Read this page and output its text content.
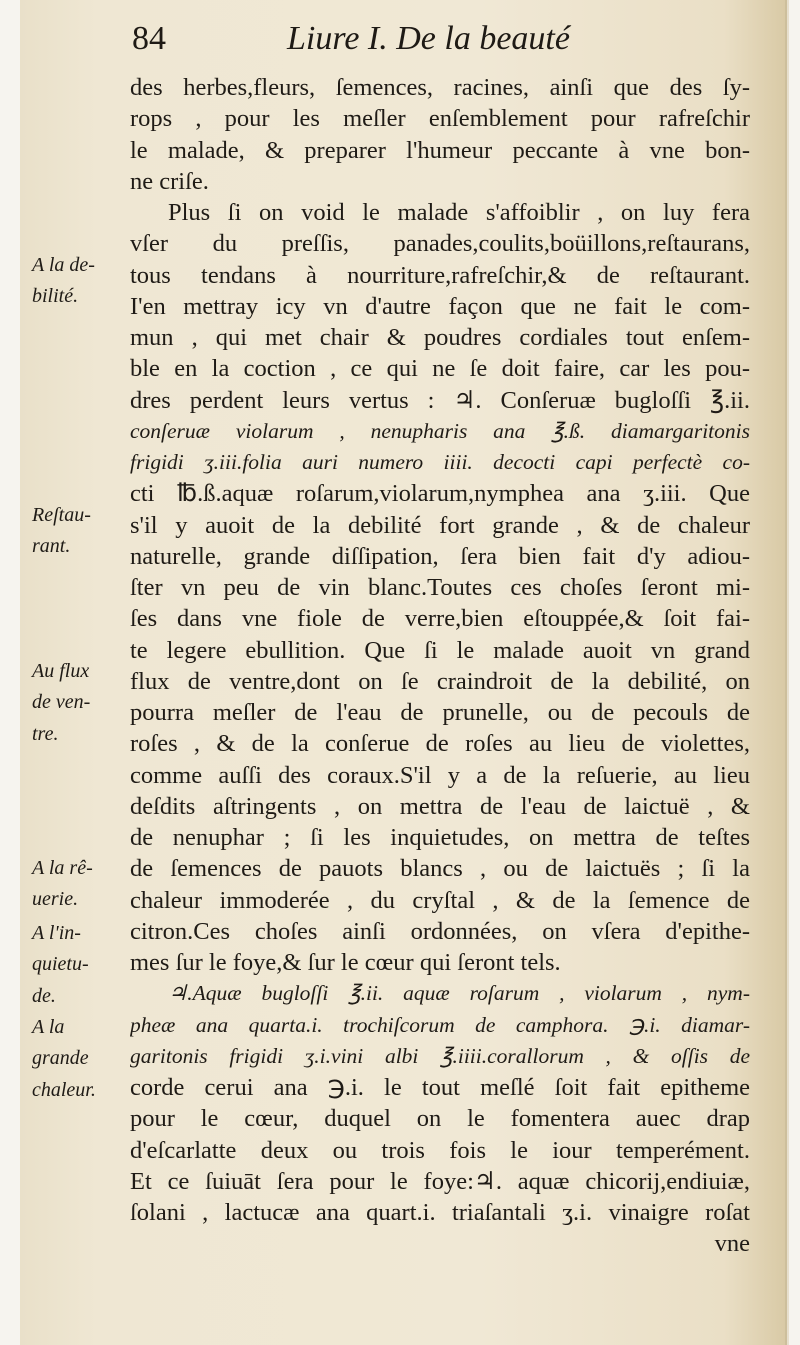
84	Liure I. De la beauté
des herbes,fleurs, ſemences, racines, ainſi que des ſy-
rops , pour les meſler enſemblement pour rafreſchir
le malade, & preparer l'humeur peccante à vne bon-
ne criſe.
Plus ſi on void le malade s'affoiblir , on luy fera
vſer du preſſis, panades,coulits,boüillons,reſtaurans,
tous tendans à nourriture,rafreſchir,& de reſtaurant.
I'en mettray icy vn d'autre façon que ne fait le com-
mun , qui met chair & poudres cordiales tout enſem-
ble en la coction , ce qui ne ſe doit faire, car les pou-
dres perdent leurs vertus : ♃. Conſeruæ bugloſſi ℥.ii.
conſeruæ violarum , nenupharis ana ℥.ß. diamargaritonis
frigidi ʒ.iii.folia auri numero iiii. decocti capi perfectè co-
cti ℔.ß.aquæ roſarum,violarum,nymphea ana ʒ.iii. Que
s'il y auoit de la debilité fort grande , & de chaleur
naturelle, grande diſſipation, ſera bien fait d'y adiou-
ſter vn peu de vin blanc.Toutes ces choſes ſeront mi-
ſes dans vne fiole de verre,bien eſtouppée,& ſoit fai-
te legere ebullition. Que ſi le malade auoit vn grand
flux de ventre,dont on ſe craindroit de la debilité, on
pourra meſler de l'eau de prunelle, ou de pecouls de
roſes , & de la conſerue de roſes au lieu de violettes,
comme auſſi des coraux.S'il y a de la reſuerie, au lieu
deſdits aſtringents , on mettra de l'eau de laictuë , &
de nenuphar ; ſi les inquietudes, on mettra de teſtes
de ſemences de pauots blancs , ou de laictuës ; ſi la
chaleur immoderée , du cryſtal , & de la ſemence de
citron.Ces choſes ainſi ordonnées, on vſera d'epithe-
mes ſur le foye,& ſur le cœur qui ſeront tels.
♃.Aquæ bugloſſi ℥.ii. aquæ roſarum , violarum , nym-
pheæ ana quarta.i. trochiſcorum de camphora. ℈.i. diamar-
garitonis frigidi ʒ.i.vini albi ℥.iiii.corallorum , & oſſis de
corde cerui ana ℈.i. le tout meſlé ſoit fait epitheme
pour le cœur, duquel on le fomentera auec drap
d'eſcarlatte deux ou trois fois le iour temperément.
Et ce ſuiuāt ſera pour le foye:♃. aquæ chicorij,endiuiæ,
ſolani , lactucæ ana quart.i. triaſantali ʒ.i. vinaigre roſat
vne
A la de-
bilité.
Reſtau-
rant.
Au flux
de ven-
tre.
A la rê-
uerie.
A l'in-
quietu-
de.
A la
grande
chaleur.
